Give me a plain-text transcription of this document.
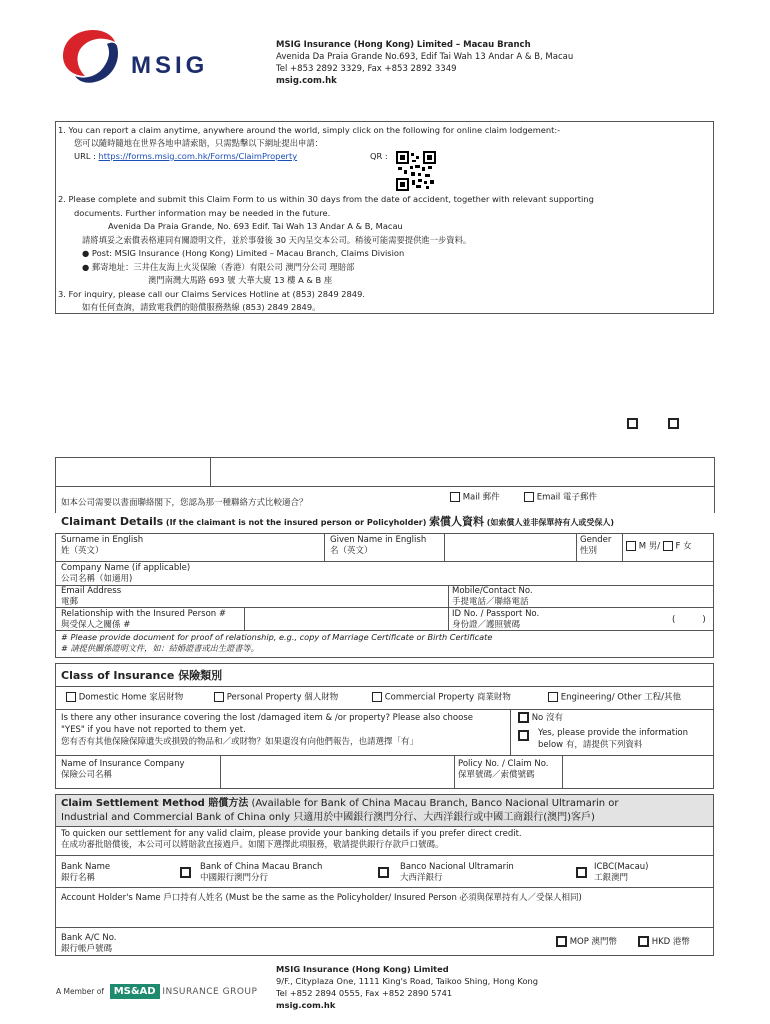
MSIG
MSIG Insurance (Hong Kong) Limited – Macau Branch
Avenida Da Praia Grande No.693, Edif Tai Wah 13 Andar A & B, Macau
Tel +853 2892 3329, Fax +853 2892 3349
msig.com.hk
1. You can report a claim anytime, anywhere around the world, simply click on the following for online claim lodgement:-
您可以隨時隨地在世界各地申請索賠，只需點擊以下網址提出申請：
URL : https://forms.msig.com.hk/Forms/ClaimProperty	QR :
2. Please complete and submit this Claim Form to us within 30 days from the date of accident, together with relevant supporting
documents. Further information may be needed in the future.
Avenida Da Praia Grande, No. 693 Edif. Tai Wah 13 Andar A & B, Macau
請將填妥之索償表格連同有關證明文件，並於事發後 30 天內呈交本公司。稍後可能需要提供進一步資料。
● Post: MSIG Insurance (Hong Kong) Limited – Macau Branch, Claims Division
● 郵寄地址：三井住友海上火災保險（香港）有限公司 澳門分公司 理賠部
澳門南灣大馬路 693 號 大華大廈 13 樓 A & B 座
3. For inquiry, please call our Claims Services Hotline at (853) 2849 2849.
如有任何查詢，請致電我們的賠償服務熱線 (853) 2849 2849。
如本公司需要以書面聯絡閣下，您認為那一種聯絡方式比較適合？
Mail 郵件	Email 電子郵件
Claimant Details (If the claimant is not the insured person or Policyholder) 索償人資料 (如索償人並非保單持有人或受保人)
Surname in English
姓（英文）
Given Name in English
名（英文）
Gender
性別	M 男/ F 女
Company Name (if applicable)
公司名稱（如適用)
Email Address
電郵
Mobile/Contact No.
手提電話／聯絡電話
Relationship with the Insured Person #
與受保人之關係 #
ID No. / Passport No.
身份證／護照號碼
(          )
# Please provide document for proof of relationship, e.g., copy of Marriage Certificate or Birth Certificate
# 請提供關係證明文件，如：結婚證書或出生證書等。
Class of Insurance 保險類別
Domestic Home 家居財物	Personal Property 個人財物	Commercial Property 商業財物	Engineering/ Other 工程/其他
Is there any other insurance covering the lost /damaged item & /or property? Please also choose
"YES" if you have not reported to them yet.
您有否有其他保險保障遺失或損毀的物品和／或財物？如果還沒有向他們報告，也請選擇「有」
No 沒有
Yes, please provide the information
below 有，請提供下列資料
Name of Insurance Company
保險公司名稱
Policy No. / Claim No.
保單號碼／索償號碼
Claim Settlement Method 賠償方法 (Available for Bank of China Macau Branch, Banco Nacional Ultramarin or
Industrial and Commercial Bank of China only 只適用於中國銀行澳門分行、大西洋銀行或中國工商銀行(澳門)客戶)
To quicken our settlement for any valid claim, please provide your banking details if you prefer direct credit.
在成功審批賠償後，本公司可以將賠款直接過戶。如閣下選擇此項服務，敬請提供銀行存款戶口號碼。
Bank Name
銀行名稱
Bank of China Macau Branch
中國銀行澳門分行
Banco Nacional Ultramarin
大西洋銀行
ICBC(Macau)
工銀澳門
Account Holder's Name 戶口持有人姓名 (Must be the same as the Policyholder/ Insured Person 必須與保單持有人／受保人相同)
Bank A/C No.
銀行帳戶號碼
MOP 澳門幣	HKD 港幣
A Member of MS&AD INSURANCE GROUP
MSIG Insurance (Hong Kong) Limited
9/F., Cityplaza One, 1111 King's Road, Taikoo Shing, Hong Kong
Tel +852 2894 0555, Fax +852 2890 5741
msig.com.hk
